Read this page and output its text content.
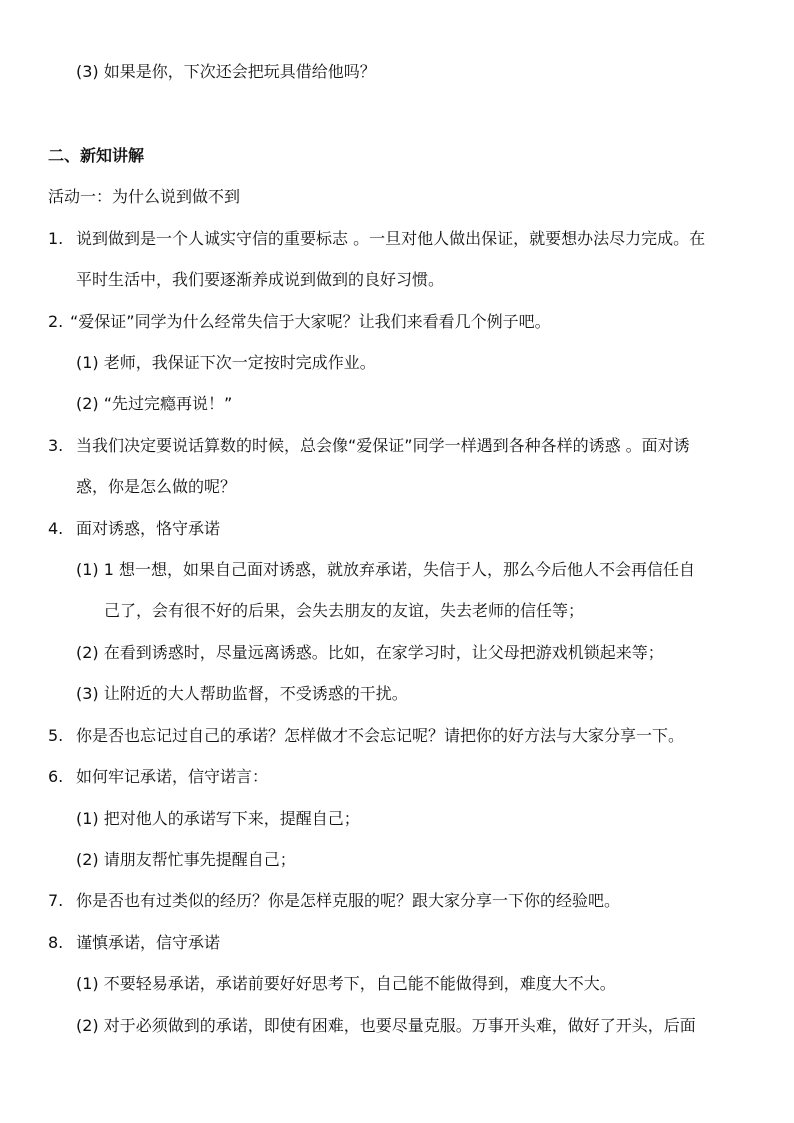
(3) 如果是你，下次还会把玩具借给他吗？
二、新知讲解
活动一：为什么说到做不到
1. 说到做到是一个人诚实守信的重要标志 。一旦对他人做出保证，就要想办法尽力完成。在
平时生活中，我们要逐渐养成说到做到的良好习惯。
2. “爱保证”同学为什么经常失信于大家呢？让我们来看看几个例子吧。
(1) 老师，我保证下次一定按时完成作业。
(2) “先过完瘾再说！”
3. 当我们决定要说话算数的时候，总会像“爱保证”同学一样遇到各种各样的诱惑 。面对诱
惑，你是怎么做的呢？
4. 面对诱惑，恪守承诺
(1) 1 想一想，如果自己面对诱惑，就放弃承诺，失信于人，那么今后他人不会再信任自
己了，会有很不好的后果，会失去朋友的友谊，失去老师的信任等；
(2) 在看到诱惑时，尽量远离诱惑。比如，在家学习时，让父母把游戏机锁起来等；
(3) 让附近的大人帮助监督，不受诱惑的干扰。
5. 你是否也忘记过自己的承诺？怎样做才不会忘记呢？请把你的好方法与大家分享一下。
6. 如何牢记承诺，信守诺言：
(1) 把对他人的承诺写下来，提醒自己；
(2) 请朋友帮忙事先提醒自己；
7. 你是否也有过类似的经历？你是怎样克服的呢？跟大家分享一下你的经验吧。
8. 谨慎承诺，信守承诺
(1) 不要轻易承诺，承诺前要好好思考下，自己能不能做得到，难度大不大。
(2) 对于必须做到的承诺，即使有困难，也要尽量克服。万事开头难，做好了开头，后面
